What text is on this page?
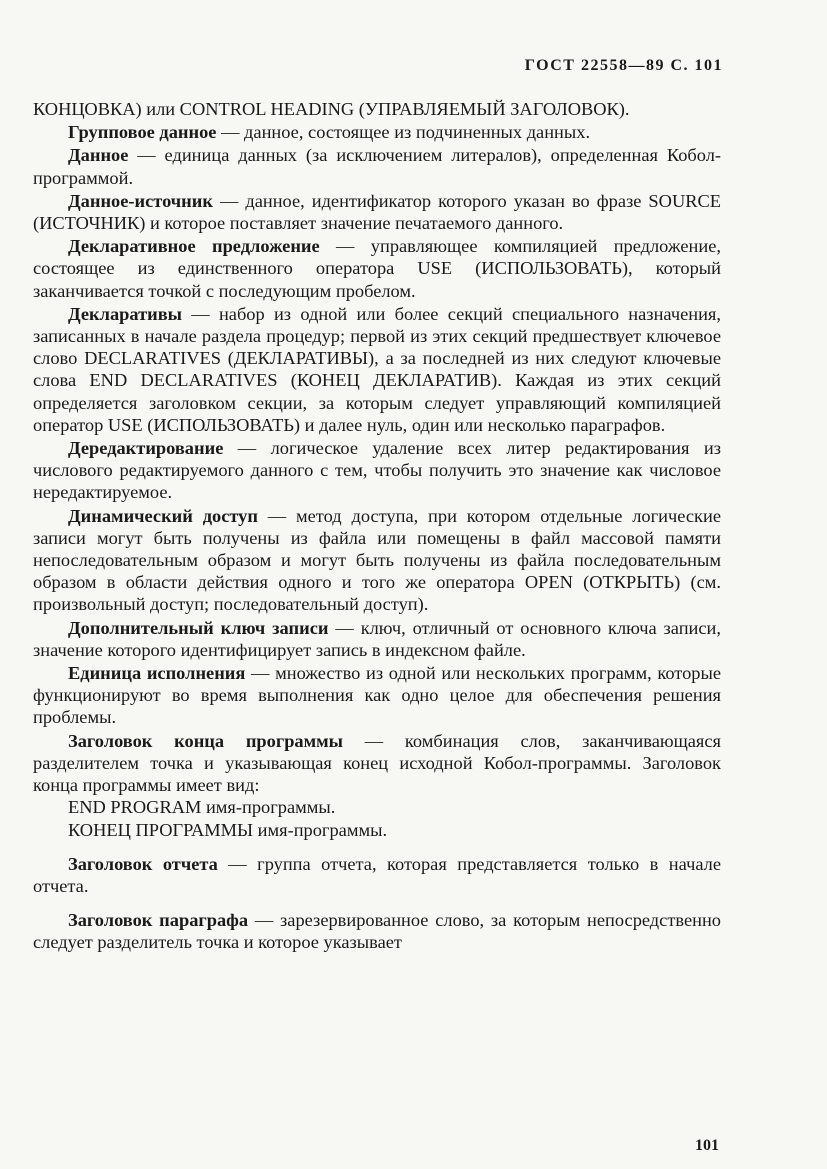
ГОСТ 22558—89 С. 101

КОНЦОВКА) или CONTROL HEADING (УПРАВЛЯЕМЫЙ ЗАГОЛОВОК).

Групповое данное — данное, состоящее из подчиненных данных.

Данное — единица данных (за исключением литералов), определенная Кобол-программой.

Данное-источник — данное, идентификатор которого указан во фразе SOURCE (ИСТОЧНИК) и которое поставляет значение печатаемого данного.

Декларативное предложение — управляющее компиляцией предложение, состоящее из единственного оператора USE (ИСПОЛЬЗОВАТЬ), который заканчивается точкой с последующим пробелом.

Декларативы — набор из одной или более секций специального назначения, записанных в начале раздела процедур; первой из этих секций предшествует ключевое слово DECLARATIVES (ДЕКЛАРАТИВЫ), а за последней из них следуют ключевые слова END DECLARATIVES (КОНЕЦ ДЕКЛАРАТИВ). Каждая из этих секций определяется заголовком секции, за которым следует управляющий компиляцией оператор USE (ИСПОЛЬЗОВАТЬ) и далее нуль, один или несколько параграфов.

Дередактирование — логическое удаление всех литер редактирования из числового редактируемого данного с тем, чтобы получить это значение как числовое нередактируемое.

Динамический доступ — метод доступа, при котором отдельные логические записи могут быть получены из файла или помещены в файл массовой памяти непоследовательным образом и могут быть получены из файла последовательным образом в области действия одного и того же оператора OPEN (ОТКРЫТЬ) (см. произвольный доступ; последовательный доступ).

Дополнительный ключ записи — ключ, отличный от основного ключа записи, значение которого идентифицирует запись в индексном файле.

Единица исполнения — множество из одной или нескольких программ, которые функционируют во время выполнения как одно целое для обеспечения решения проблемы.

Заголовок конца программы — комбинация слов, заканчивающаяся разделителем точка и указывающая конец исходной Кобол-программы. Заголовок конца программы имеет вид:

END PROGRAM имя-программы.

КОНЕЦ ПРОГРАММЫ имя-программы.

Заголовок отчета — группа отчета, которая представляется только в начале отчета.

Заголовок параграфа — зарезервированное слово, за которым непосредственно следует разделитель точка и которое указывает

101
